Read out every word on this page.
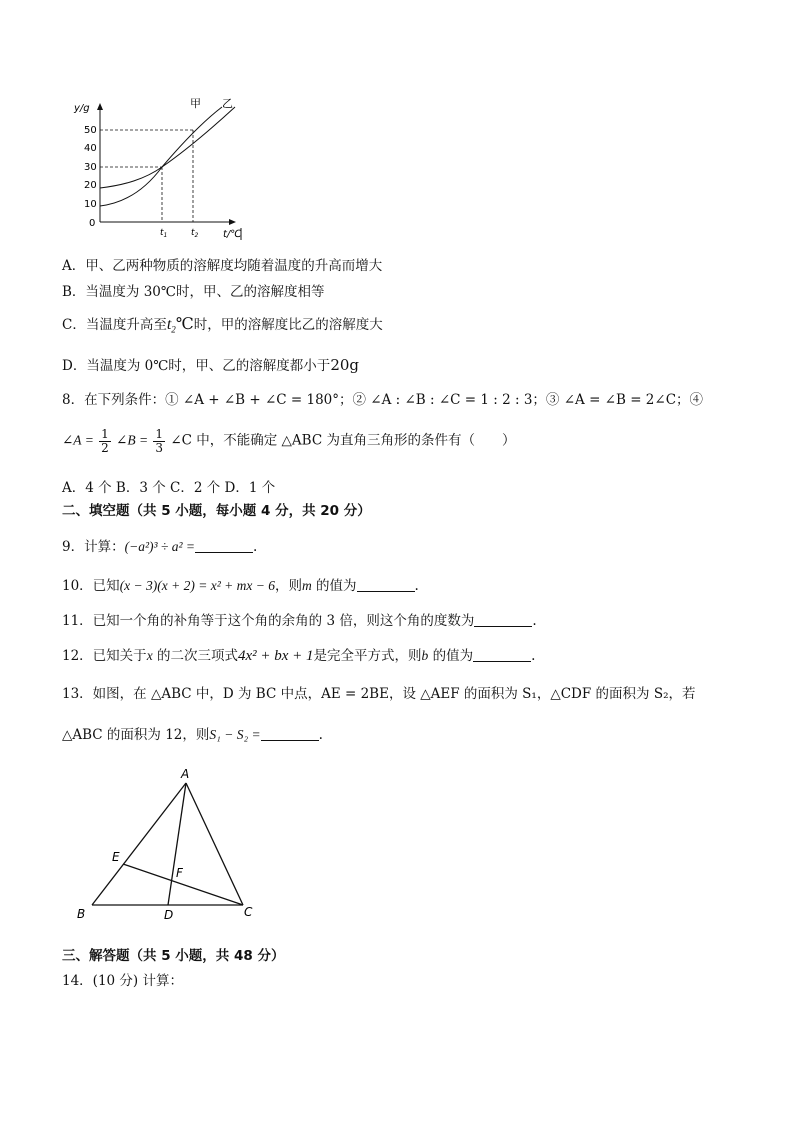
y/g
t/℃
50
40
30
20
10
0
$t_1$	$t_2$
甲 乙
A．甲、乙两种物质的溶解度均随着温度的升高而增大
B．当温度为 30℃时，甲、乙的溶解度相等
C．当温度升高至$t_2℃$时，甲的溶解度比乙的溶解度大
D．当温度为 0℃时，甲、乙的溶解度都小于20g
8．在下列条件：① ∠A + ∠B + ∠C = 180°；② ∠A : ∠B : ∠C = 1 : 2 : 3；③ ∠A = ∠B = 2∠C；④
∠A = $\frac{1}{2}$ ∠B = $\frac{1}{3}$ ∠C 中，不能确定 △ABC 为直角三角形的条件有（　　）
A．4 个 B．3 个 C．2 个 D．1 个
二、填空题（共 5 小题，每小题 4 分，共 20 分）
9．计算：(−a²)³ ÷ a² =	.
10．已知(x − 3)(x + 2) = x² + mx − 6，则m 的值为	.
11．已知一个角的补角等于这个角的余角的 3 倍，则这个角的度数为	.
12．已知关于x 的二次三项式4x² + bx + 1是完全平方式，则b 的值为	.
13．如图，在 △ABC 中，D 为 BC 中点，AE = 2BE，设 △AEF 的面积为 S₁，△CDF 的面积为 S₂，若
△ABC 的面积为 12，则S₁ − S₂ =	.
A
B	C
D
E
F
三、解答题（共 5 小题，共 48 分）
14．(10 分) 计算：
